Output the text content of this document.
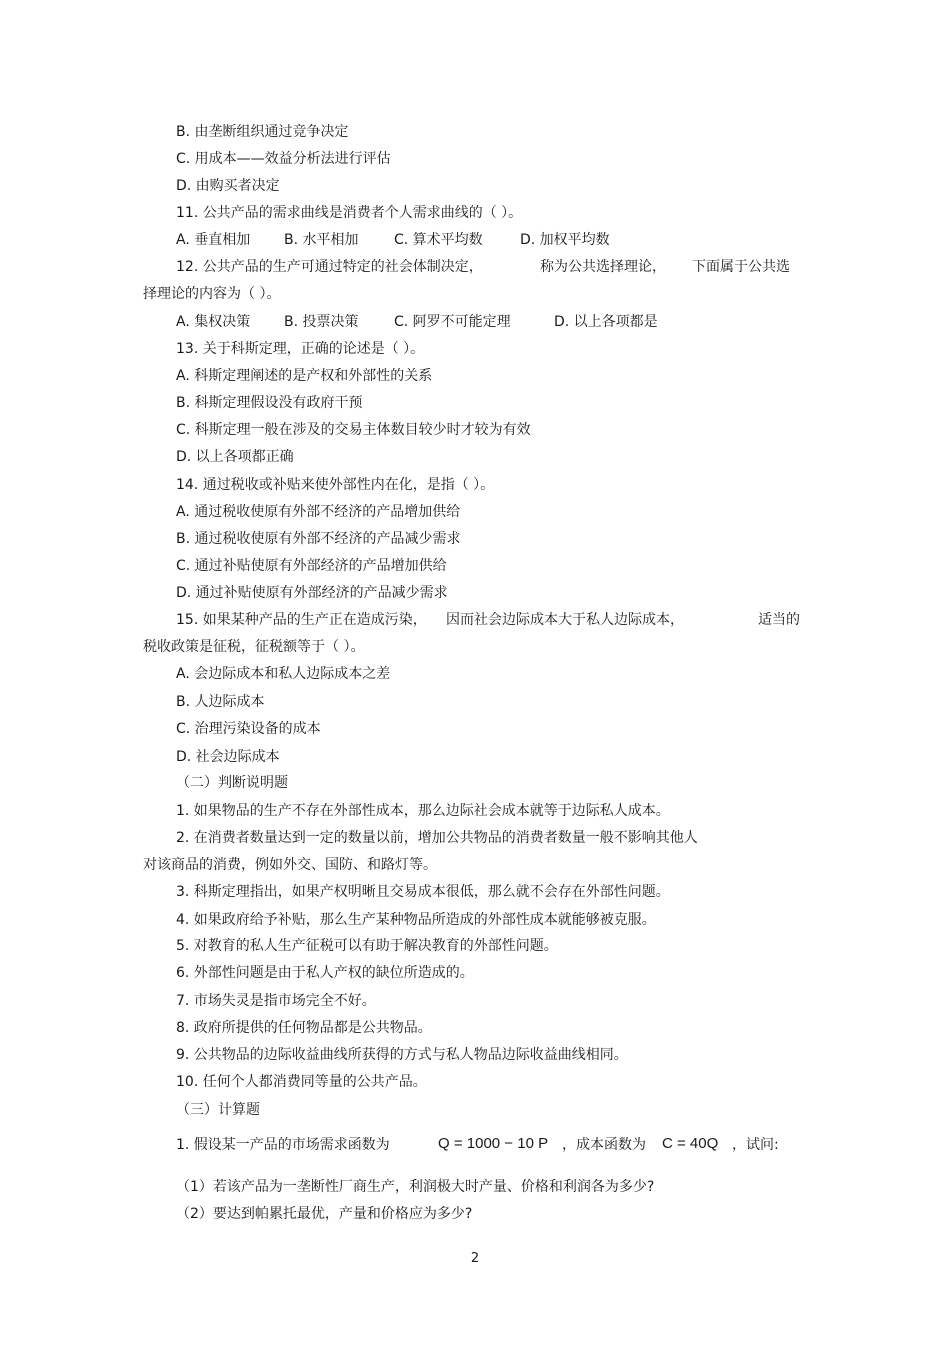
B. 由垄断组织通过竞争决定
C. 用成本——效益分析法进行评估
D. 由购买者决定
11. 公共产品的需求曲线是消费者个人需求曲线的（ ）。
A. 垂直相加 B. 水平相加	C. 算术平均数	D. 加权平均数
12. 公共产品的生产可通过特定的社会体制决定，	称为公共选择理论， 下面属于公共选
择理论的内容为（ ）。
A. 集权决策 B. 投票决策	C. 阿罗不可能定理	D. 以上各项都是
13. 关于科斯定理，正确的论述是（ ）。
A. 科斯定理阐述的是产权和外部性的关系
B. 科斯定理假设没有政府干预
C. 科斯定理一般在涉及的交易主体数目较少时才较为有效
D. 以上各项都正确
14. 通过税收或补贴来使外部性内在化，是指（ ）。
A. 通过税收使原有外部不经济的产品增加供给
B. 通过税收使原有外部不经济的产品减少需求
C. 通过补贴使原有外部经济的产品增加供给
D. 通过补贴使原有外部经济的产品减少需求
15. 如果某种产品的生产正在造成污染， 因而社会边际成本大于私人边际成本，	适当的
税收政策是征税，征税额等于（ ）。
A. 会边际成本和私人边际成本之差
B. 人边际成本
C. 治理污染设备的成本
D. 社会边际成本
（二）判断说明题
1. 如果物品的生产不存在外部性成本，那么边际社会成本就等于边际私人成本。
2. 在消费者数量达到一定的数量以前，增加公共物品的消费者数量一般不影响其他人
对该商品的消费，例如外交、国防、和路灯等。
3. 科斯定理指出，如果产权明晰且交易成本很低，那么就不会存在外部性问题。
4. 如果政府给予补贴，那么生产某种物品所造成的外部性成本就能够被克服。
5. 对教育的私人生产征税可以有助于解决教育的外部性问题。
6. 外部性问题是由于私人产权的缺位所造成的。
7. 市场失灵是指市场完全不好。
8. 政府所提供的任何物品都是公共物品。
9. 公共物品的边际收益曲线所获得的方式与私人物品边际收益曲线相同。
10. 任何个人都消费同等量的公共产品。
（三）计算题
1. 假设某一产品的市场需求函数为	Q = 1000 − 10 P ，成本函数为 C = 40Q ，试问:
（1）若该产品为一垄断性厂商生产，利润极大时产量、价格和利润各为多少?
（2）要达到帕累托最优，产量和价格应为多少?
2
